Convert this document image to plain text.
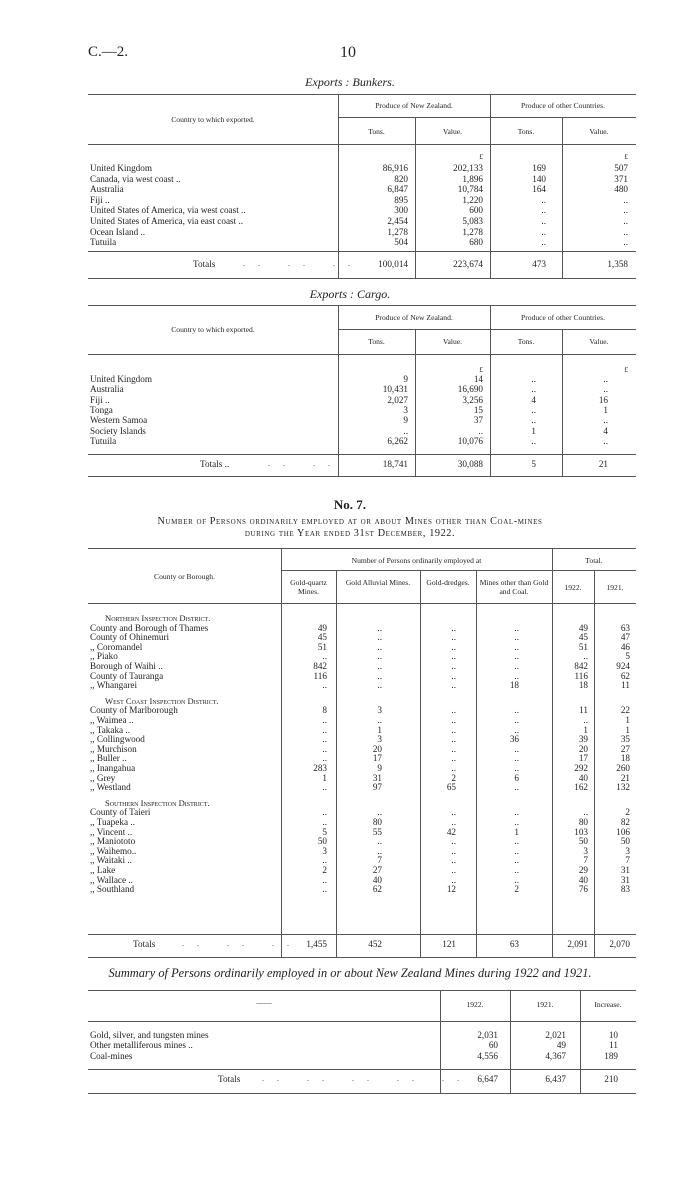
C.—2.	10
Exports : Bunkers.
Country to which exported.
Produce of New Zealand.	Produce of other Countries.
Tons.	Value.	Tons.	Value.
£	£
United Kingdom	86,916	202,133	169	507
Canada, via west coast ..	820	1,896	140	371
Australia	6,847	10,784	164	480
Fiji ..	895	1,220	..	..
United States of America, via west coast ..	300	600	..	..
United States of America, via east coast ..	2,454	5,083	..	..
Ocean Island ..	1,278	1,278	..	..
Tutuila	504	680	..	..
Totals	.. .. ..	100,014	223,674	473	1,358
Exports : Cargo.
Country to which exported.
Produce of New Zealand.	Produce of other Countries.
Tons.	Value.	Tons.	Value.
£	£
United Kingdom	9	14	..	..
Australia	10,431	16,690	..	..
Fiji ..	2,027	3,256	4	16
Tonga	3	15	..	1
Western Samoa	9	37	..	..
Society Islands	..	..	1	4
Tutuila	6,262	10,076	..	..
Totals ..	.. ..	18,741	30,088	5	21
No. 7.
Number of Persons ordinarily employed at or about Mines other than Coal-mines
during the Year ended 31st December, 1922.
County or Borough.
Number of Persons ordinarily employed at	Total.
Gold-quartz Mines.
Gold Alluvial Mines.	Gold-dredges.	Mines other than Gold and Coal.	1922.	1921.
Northern Inspection District.
County and Borough of Thames	49	..	..	..	49	63
County of Ohinemuri	45	..	..	..	45	47
,, Coromandel	51	..	..	..	51	46
,, Piako	..	..	..	..	..	5
Borough of Waihi ..	842	..	..	..	842	924
County of Tauranga	116	..	..	..	116	62
,, Whangarei	..	..	..	18	18	11
West Coast Inspection District.
County of Marlborough	8	3	..	..	11	22
,, Waimea ..	..	..	..	..	..	1
,, Takaka ..	..	1	..	..	1	1
,, Collingwood	..	3	..	36	39	35
,, Murchison	..	20	..	..	20	27
,, Buller ..	..	17	..	..	17	18
,, Inangahua	283	9	..	..	292	260
,, Grey	1	31	2	6	40	21
,, Westland	..	97	65	..	162	132
Southern Inspection District.
County of Taieri	..	..	..	..	..	2
,, Tuapeka ..	..	80	..	..	80	82
,, Vincent ..	5	55	42	1	103	106
,, Maniototo	50	..	..	..	50	50
,, Waihemo..	3	..	..	..	3	3
,, Waitaki ..	..	7	..	..	7	7
,, Lake	2	27	..	..	29	31
,, Wallace ..	..	40	..	..	40	31
,, Southland	..	62	12	2	76	83
Totals	.. .. .. 1,455	452	121	63	2,091	2,070
Summary of Persons ordinarily employed in or about New Zealand Mines during 1922 and 1921.
——	1922.	1921.	Increase.
Gold, silver, and tungsten mines	2,031	2,021	10
Other metalliferous mines ..	60	49	11
Coal-mines	4,556	4,367	189
Totals	.. .. .. .. .. 6,647	6,437	210
